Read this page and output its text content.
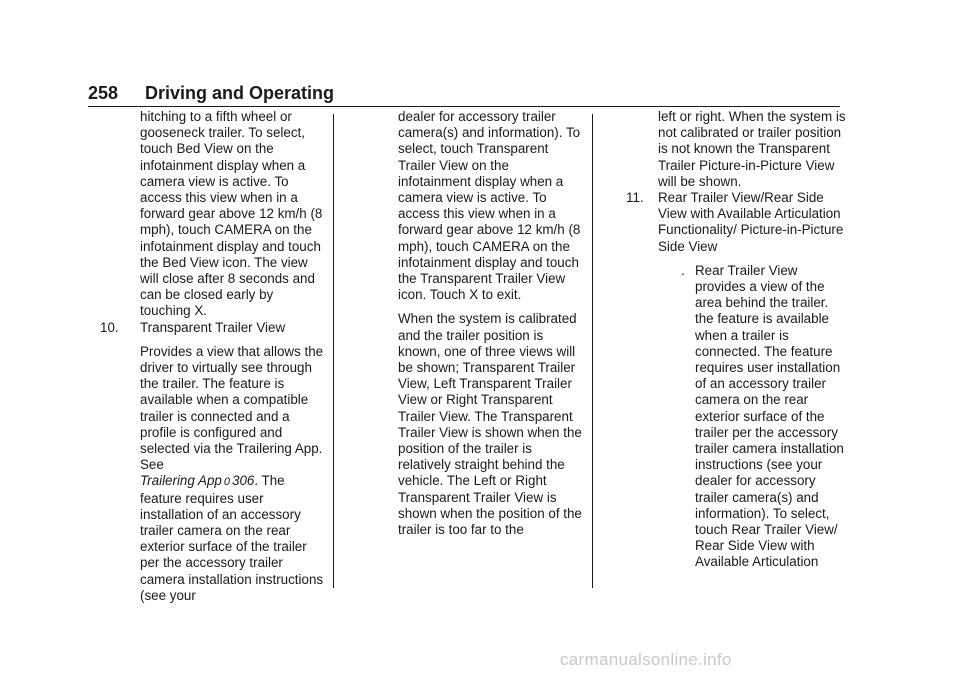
258 Driving and Operating

hitching to a fifth wheel or gooseneck trailer. To select, touch Bed View on the infotainment display when a camera view is active. To access this view when in a forward gear above 12 km/h (8 mph), touch CAMERA on the infotainment display and touch the Bed View icon. The view will close after 8 seconds and can be closed early by touching X.

10.	Transparent Trailer View

Provides a view that allows the driver to virtually see through the trailer. The feature is available when a compatible trailer is connected and a profile is configured and selected via the Trailering App. See
Trailering App 0 306. The feature requires user installation of an accessory trailer camera on the rear exterior surface of the trailer per the accessory trailer camera installation instructions (see your

dealer for accessory trailer camera(s) and information). To select, touch Transparent Trailer View on the infotainment display when a camera view is active. To access this view when in a forward gear above 12 km/h (8 mph), touch CAMERA on the infotainment display and touch the Transparent Trailer View icon. Touch X to exit.

When the system is calibrated and the trailer position is known, one of three views will be shown; Transparent Trailer View, Left Transparent Trailer View or Right Transparent Trailer View. The Transparent Trailer View is shown when the position of the trailer is relatively straight behind the vehicle. The Left or Right Transparent Trailer View is shown when the position of the trailer is too far to the

left or right. When the system is not calibrated or trailer position is not known the Transparent Trailer Picture-in-Picture View will be shown.

11.	Rear Trailer View/Rear Side View with Available Articulation Functionality/ Picture-in-Picture Side View
. Rear Trailer View provides a view of the area behind the trailer. the feature is available when a trailer is connected. The feature requires user installation of an accessory trailer camera on the rear exterior surface of the trailer per the accessory trailer camera installation instructions (see your dealer for accessory trailer camera(s) and information). To select, touch Rear Trailer View/ Rear Side View with Available Articulation
carmanualsonline.info
